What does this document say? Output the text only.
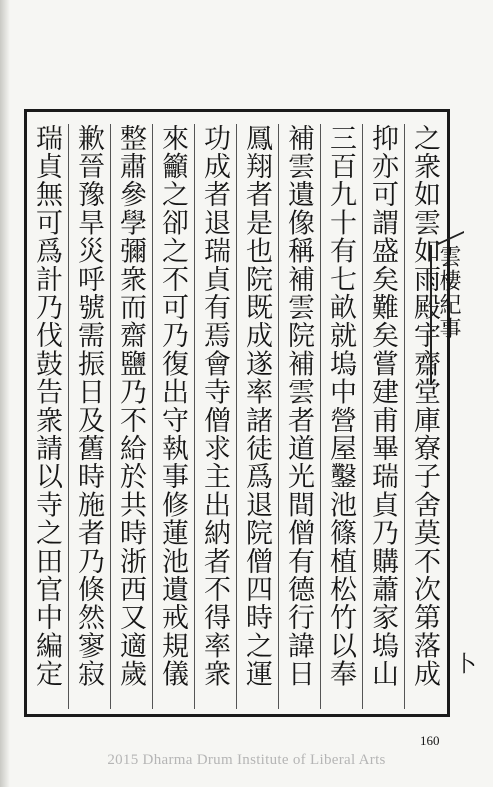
之衆如雲如雨殿宇齋堂庫寮子舍莫不次第落成
抑亦可謂盛矣難矣嘗建甫畢瑞貞乃購蕭家塢山
三百九十有七畝就塢中營屋鑿池篠植松竹以奉
補雲遺像稱補雲院補雲者道光間僧有德行諱日
鳳翔者是也院既成遂率諸徒爲退院僧四時之運
功成者退瑞貞有焉會寺僧求主出納者不得率衆
來籲之卻之不可乃復出守執事修蓮池遺戒規儀
整肅參學彌衆而齋鹽乃不給於共時浙西又適歲
歉晉豫旱災呼號需振日及舊時施者乃倏然寥寂
瑞貞無可爲計乃伐鼓告衆請以寺之田官中編定	雲棲紀事
卜
160
2015 Dharma Drum Institute of Liberal Arts
